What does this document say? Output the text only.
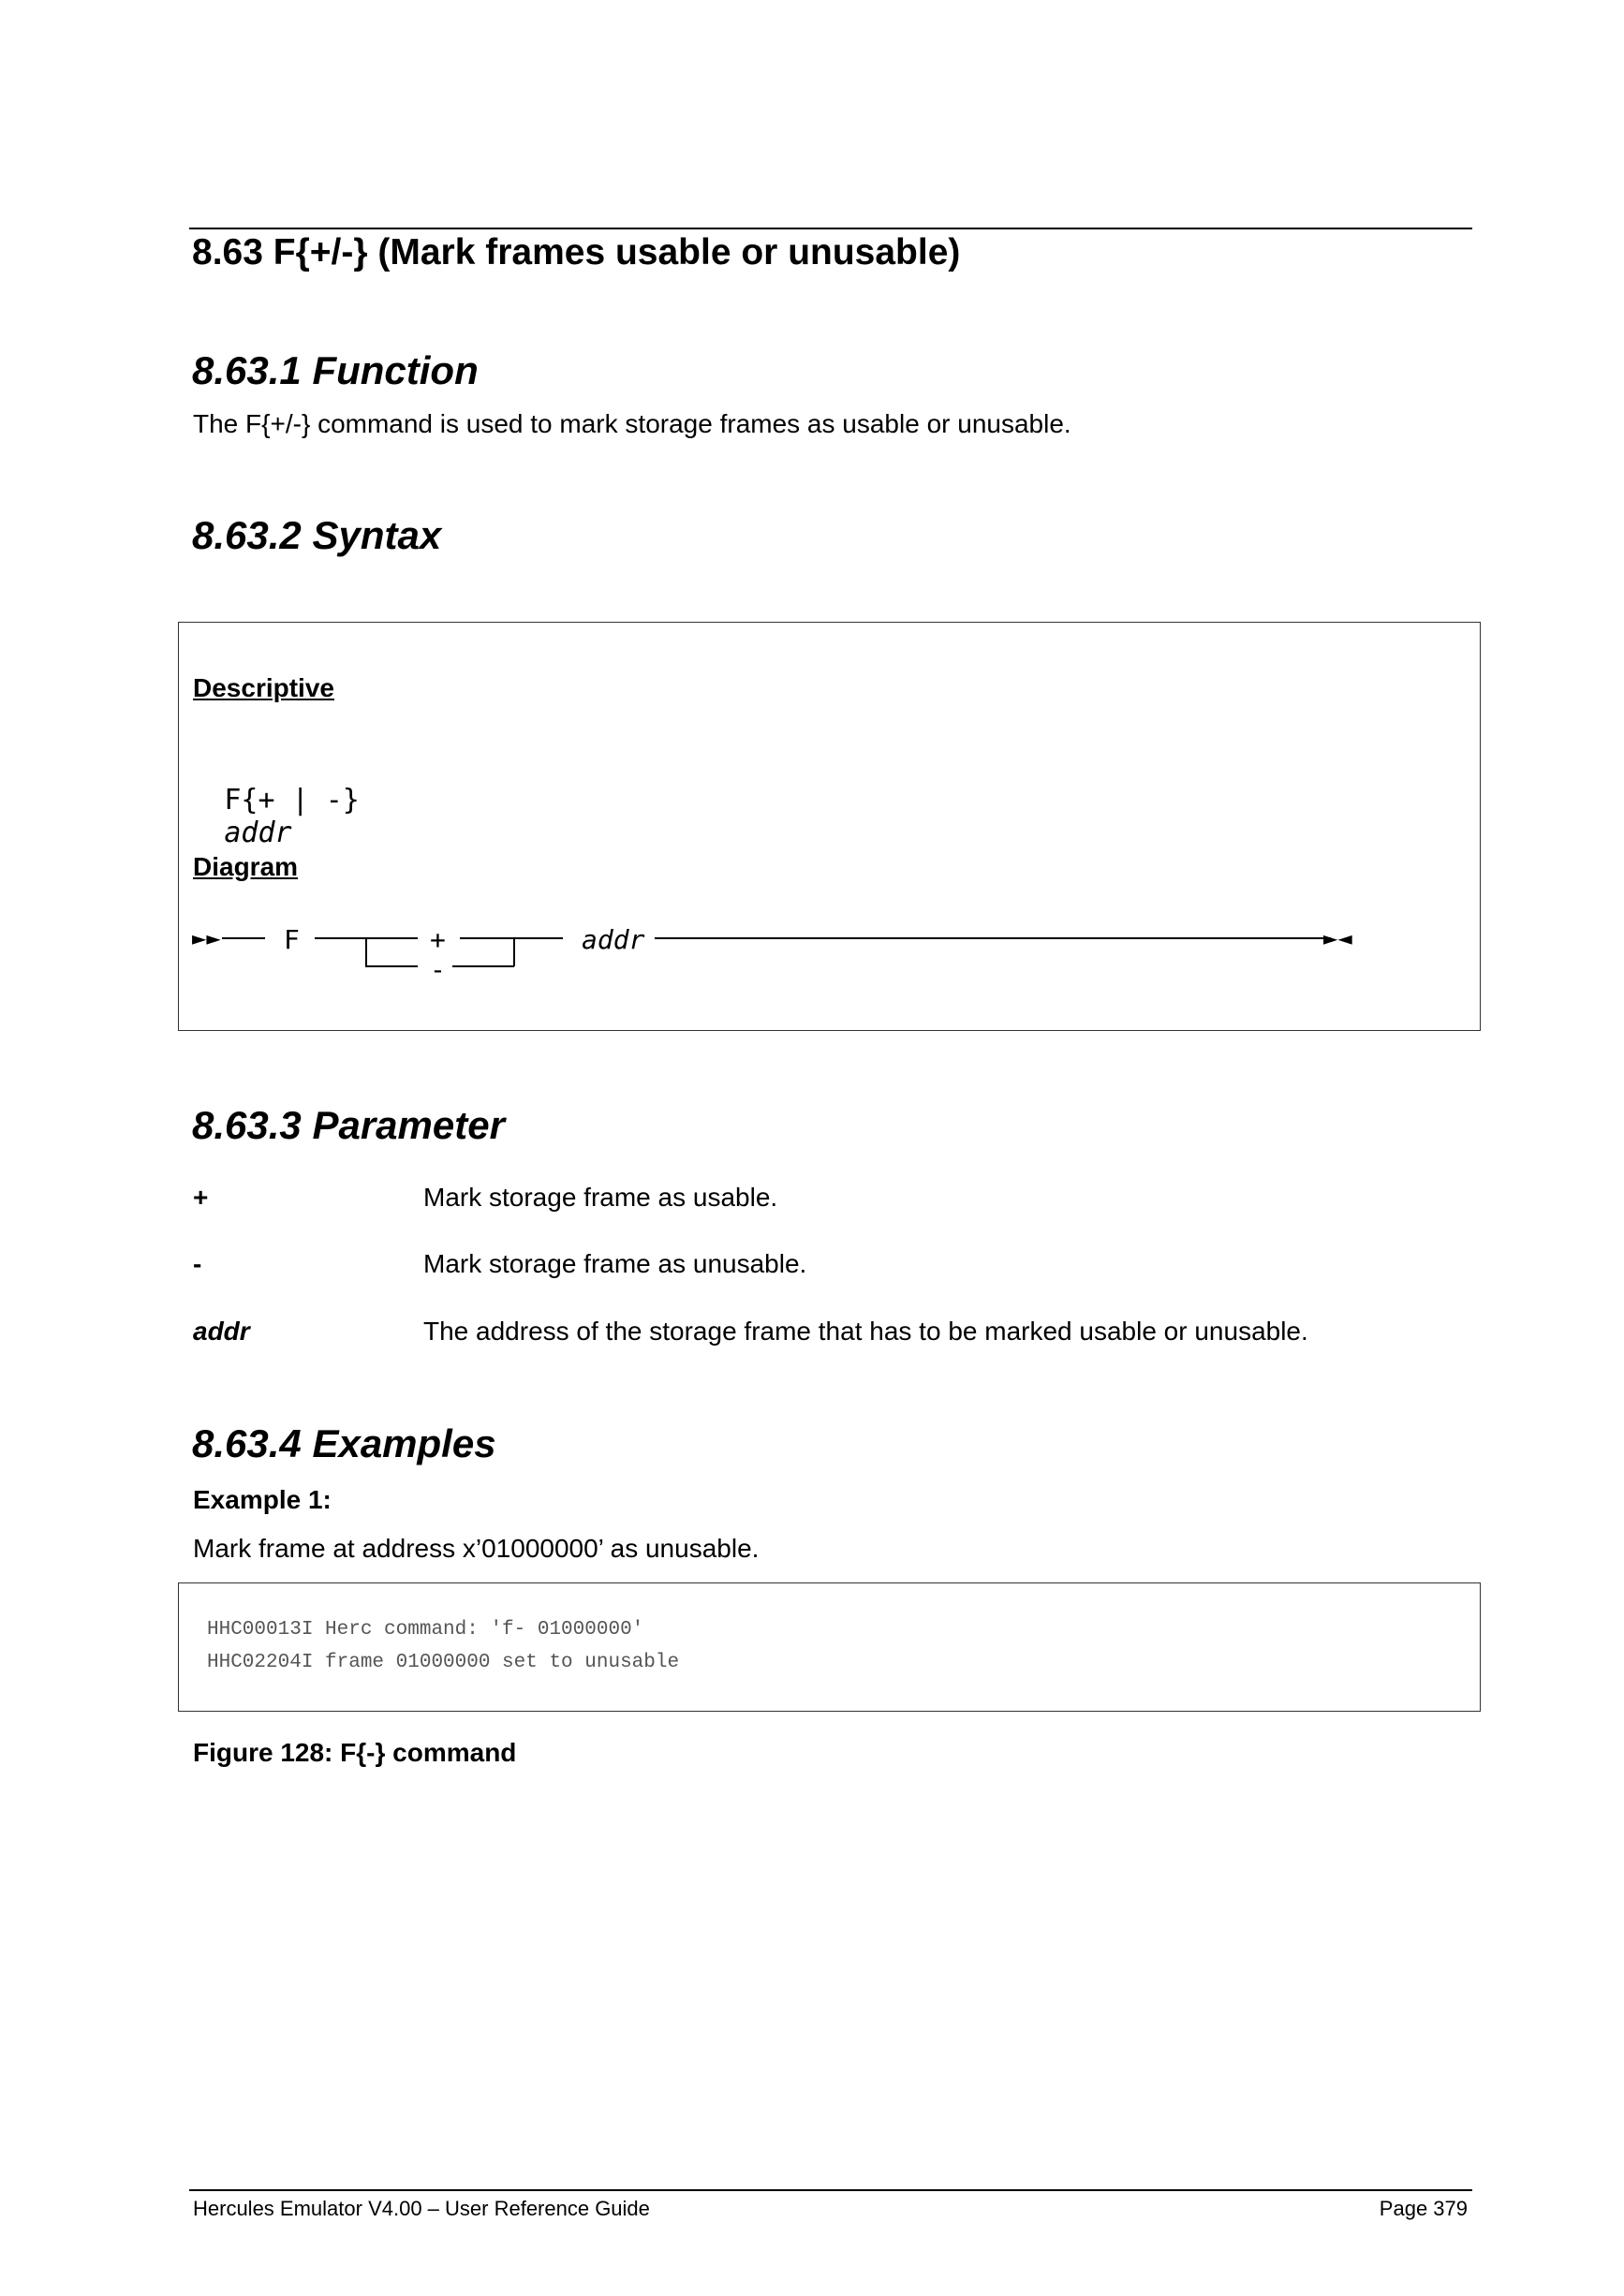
8.63 F{+/-} (Mark frames usable or unusable)
8.63.1 Function
The F{+/-} command is used to mark storage frames as usable or unusable.
8.63.2 Syntax
Descriptive

F{+ | -}
addr

Diagram
►► F	+
-
addr	►◄
8.63.3 Parameter
+	Mark storage frame as usable.
-	Mark storage frame as unusable.
addr	The address of the storage frame that has to be marked usable or unusable.
8.63.4 Examples
Example 1:
Mark frame at address x’01000000’ as unusable.
HHC00013I Herc command: 'f- 01000000'
HHC02204I frame 01000000 set to unusable
Figure 128: F{-} command
Hercules Emulator V4.00 – User Reference Guide	Page 379
